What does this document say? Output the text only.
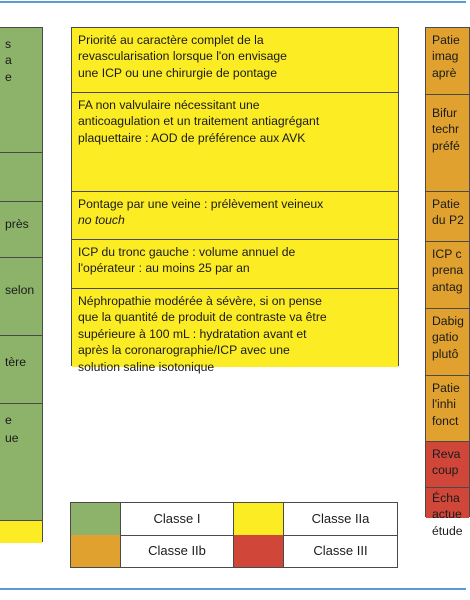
s
a
e
près
selon
tère
e
ue
Priorité au caractère complet de la
revascularisation lorsque l'on envisage
une ICP ou une chirurgie de pontage
FA non valvulaire nécessitant une
anticoagulation et un traitement antiagrégant
plaquettaire : AOD de préférence aux AVK
Pontage par une veine : prélèvement veineux
no touch
ICP du tronc gauche : volume annuel de
l'opérateur : au moins 25 par an
Néphropathie modérée à sévère, si on pense
que la quantité de produit de contraste va être
supérieure à 100 mL : hydratation avant et
après la coronarographie/ICP avec une
solution saline isotonique
Patie
imag
aprè
Bifur
techr
préfé
Patie
du P2
ICP c
prena
antag
Dabig
gatio
plutô
Patie
l'inhi
fonct
Reva
coup
Écha
actue
étude
Classe I	Classe IIa
Classe IIb	Classe III
